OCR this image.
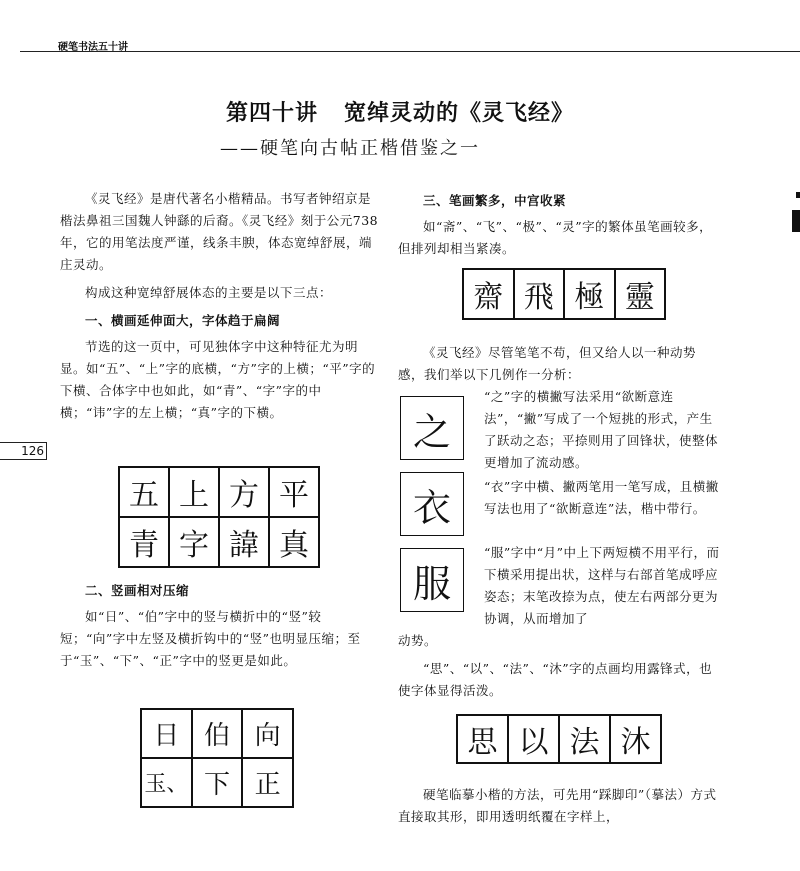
硬笔书法五十讲
第四十讲 宽绰灵动的《灵飞经》
——硬笔向古帖正楷借鉴之一
126

《灵飞经》是唐代著名小楷精品。书写者钟绍京是楷法鼻祖三国魏人钟繇的后裔。《灵飞经》刻于公元738年，它的用笔法度严谨，线条丰腴，体态宽绰舒展，端庄灵动。

构成这种宽绰舒展体态的主要是以下三点：

一、横画延伸面大，字体趋于扁阔

节选的这一页中，可见独体字中这种特征尤为明显。如“五”、“上”字的底横，“方”字的上横；“平”字的下横、合体字中也如此，如“青”、“字”字的中横；“讳”字的左上横；“真”字的下横。

五 上 方 平
青 字 諱 真
二、竖画相对压缩

如“日”、“伯”字中的竖与横折中的“竖”较短；“向”字中左竖及横折钩中的“竖”也明显压缩；至于“玉”、“下”、“正”字中的竖更是如此。

日 伯 向
玉、 下 正
三、笔画繁多，中宫收紧

如“斋”、“飞”、“极”、“灵”字的繁体虽笔画较多，但排列却相当紧凑。

齋 飛 極 靈

《灵飞经》尽管笔笔不苟，但又给人以一种动势感，我们举以下几例作一分析：

之
“之”字的横撇写法采用“欲断意连法”，“撇”写成了一个短挑的形式，产生了跃动之态；平捺则用了回锋状，使整体更增加了流动感。
衣	“衣”字中横、撇两笔用一笔写成，且横撇写法也用了“欲断意连”法，楷中带行。
服
“服”字中“月”中上下两短横不用平行，而下横采用提出状，这样与右部首笔成呼应姿态；末笔改捺为点，使左右两部分更为协调，从而增加了

动势。

“思”、“以”、“法”、“沐”字的点画均用露锋式，也使字体显得活泼。

思 以 法 沐

硬笔临摹小楷的方法，可先用“踩脚印”（摹法）方式直接取其形，即用透明纸覆在字样上，
